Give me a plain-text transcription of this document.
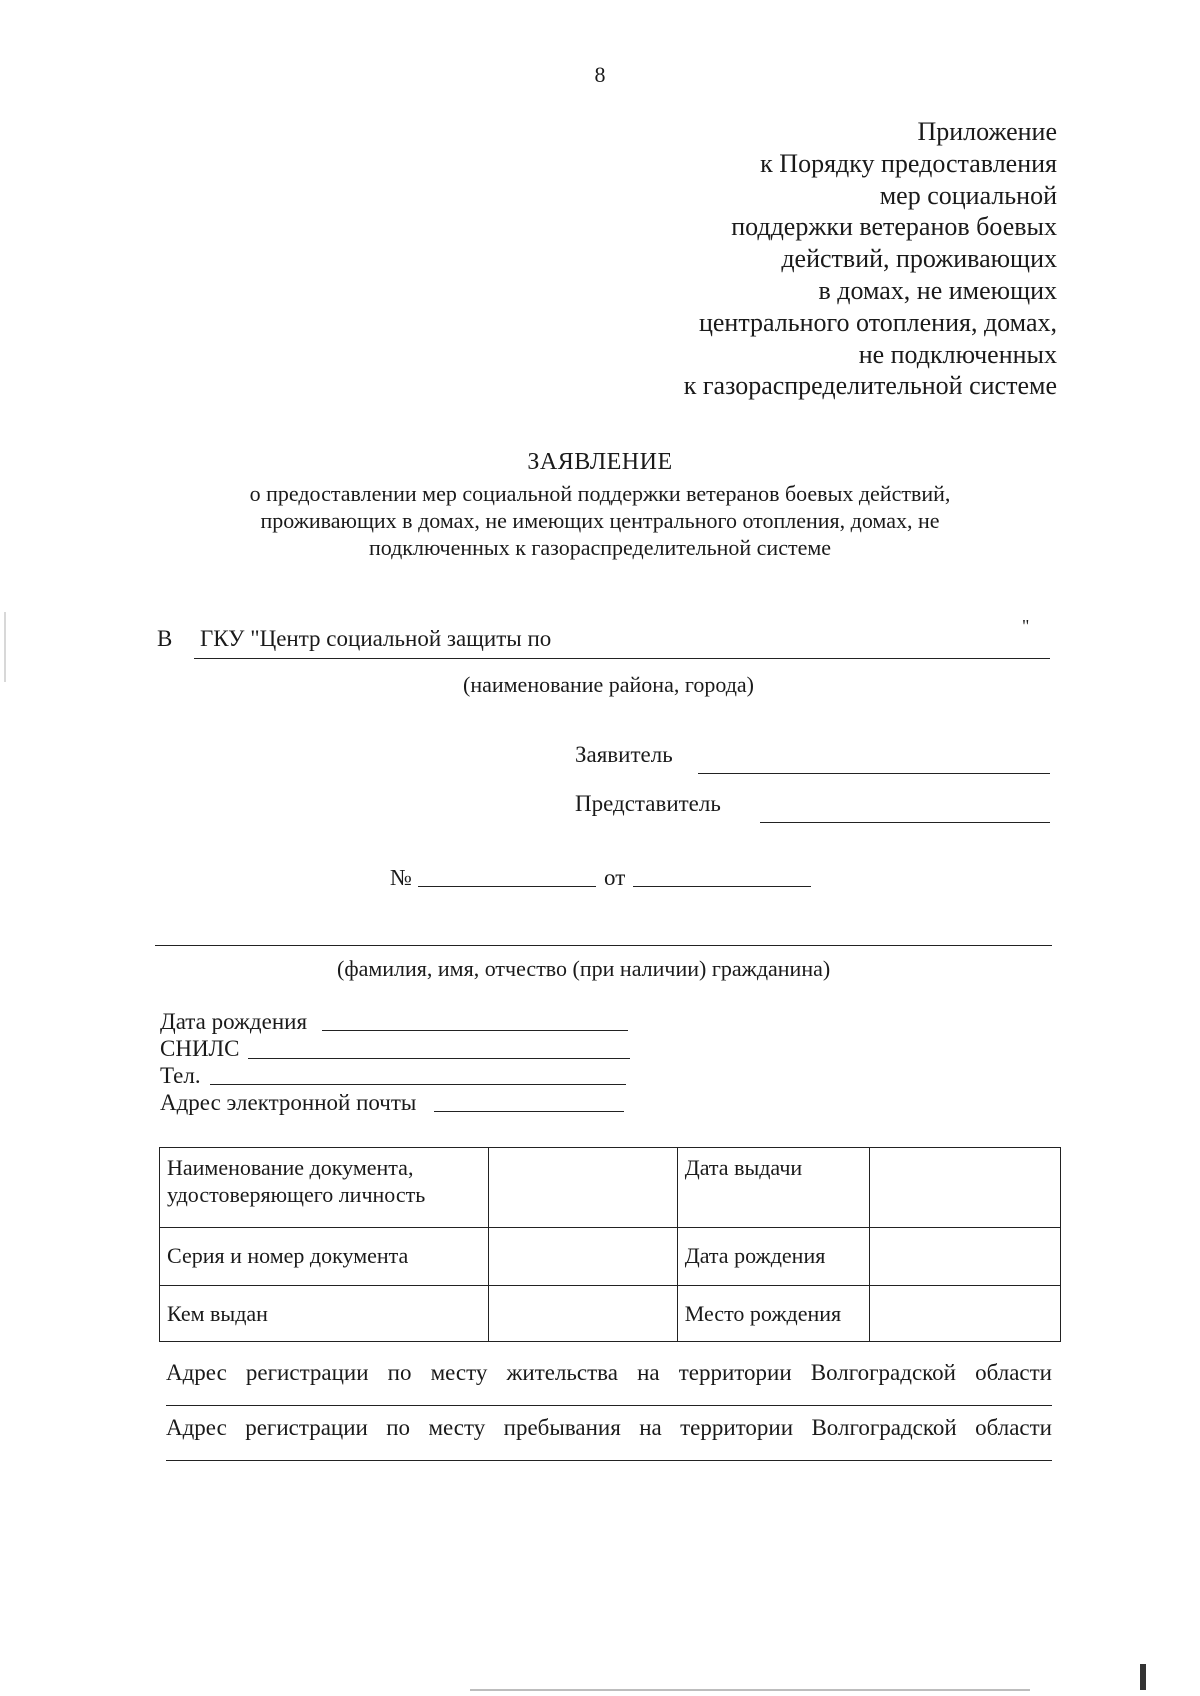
8
Приложение
к Порядку предоставления
мер социальной
поддержки ветеранов боевых
действий, проживающих
в домах, не имеющих
центрального отопления, домах,
не подключенных
к газораспределительной системе
ЗАЯВЛЕНИЕ
о предоставлении мер социальной поддержки ветеранов боевых действий,
проживающих в домах, не имеющих центрального отопления, домах, не
подключенных к газораспределительной системе
В ГКУ "Центр социальной защиты по	"
(наименование района, города)
Заявитель
Представитель
№	от
(фамилия, имя, отчество (при наличии) гражданина)
Дата рождения
СНИЛС
Тел.
Адрес электронной почты
Наименование документа, удостоверяющего личность		Дата выдачи	
Серия и номер документа		Дата рождения	
Кем выдан		Место рождения	
Адрес регистрации по месту жительства на территории Волгоградской области
Адрес регистрации по месту пребывания на территории Волгоградской области
